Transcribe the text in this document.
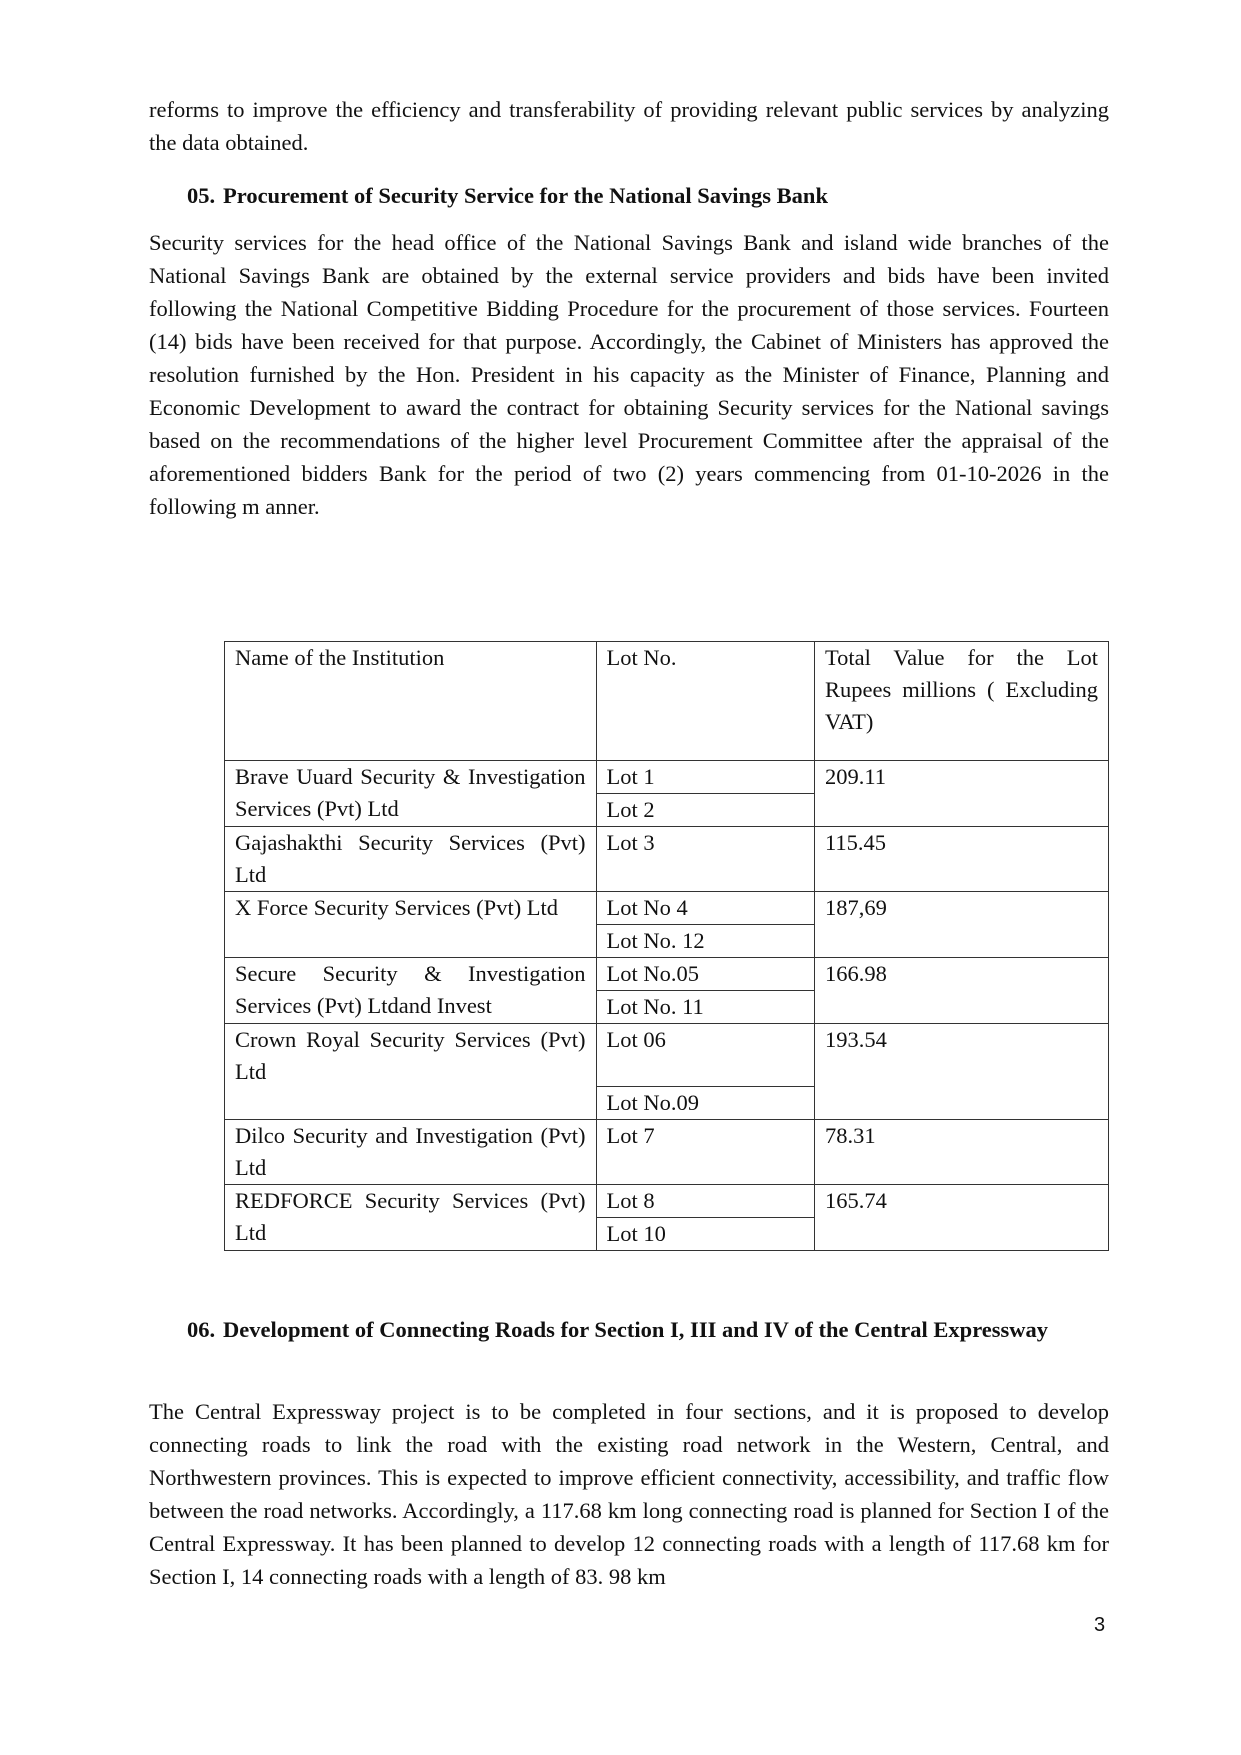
reforms to improve the efficiency and transferability of providing relevant public services by analyzing the data obtained.

05. Procurement of Security Service for the National Savings Bank

Security services for the head office of the National Savings Bank and island wide branches of the National Savings Bank are obtained by the external service providers and bids have been invited following the National Competitive Bidding Procedure for the procurement of those services. Fourteen (14) bids have been received for that purpose. Accordingly, the Cabinet of Ministers has approved the resolution furnished by the Hon. President in his capacity as the Minister of Finance, Planning and Economic Development to award the contract for obtaining Security services for the National savings based on the recommendations of the higher level Procurement Committee after the appraisal of the aforementioned bidders Bank for the period of two (2) years commencing from 01-10-2026 in the following m anner.

Name of the Institution	Lot No.	Total Value for the Lot Rupees millions ( Excluding VAT)
Brave Uuard Security & Investigation Services (Pvt) Ltd	Lot 1	209.11
	Lot 2	
Gajashakthi Security Services (Pvt) Ltd	Lot 3	115.45
X Force Security Services (Pvt) Ltd	Lot No 4	187,69
	Lot No. 12	
Secure Security & Investigation Services (Pvt) Ltdand Invest	Lot No.05	166.98
	Lot No. 11	
Crown Royal Security Services (Pvt) Ltd	Lot 06	193.54
	Lot No.09	
Dilco Security and Investigation (Pvt) Ltd	Lot 7	78.31
REDFORCE Security Services (Pvt) Ltd	Lot 8	165.74
	Lot 10	
06. Development of Connecting Roads for Section I, III and IV of the Central Expressway

The Central Expressway project is to be completed in four sections, and it is proposed to develop connecting roads to link the road with the existing road network in the Western, Central, and Northwestern provinces. This is expected to improve efficient connectivity, accessibility, and traffic flow between the road networks. Accordingly, a 117.68 km long connecting road is planned for Section I of the Central Expressway. It has been planned to develop 12 connecting roads with a length of 117.68 km for Section I, 14 connecting roads with a length of 83. 98 km

3
